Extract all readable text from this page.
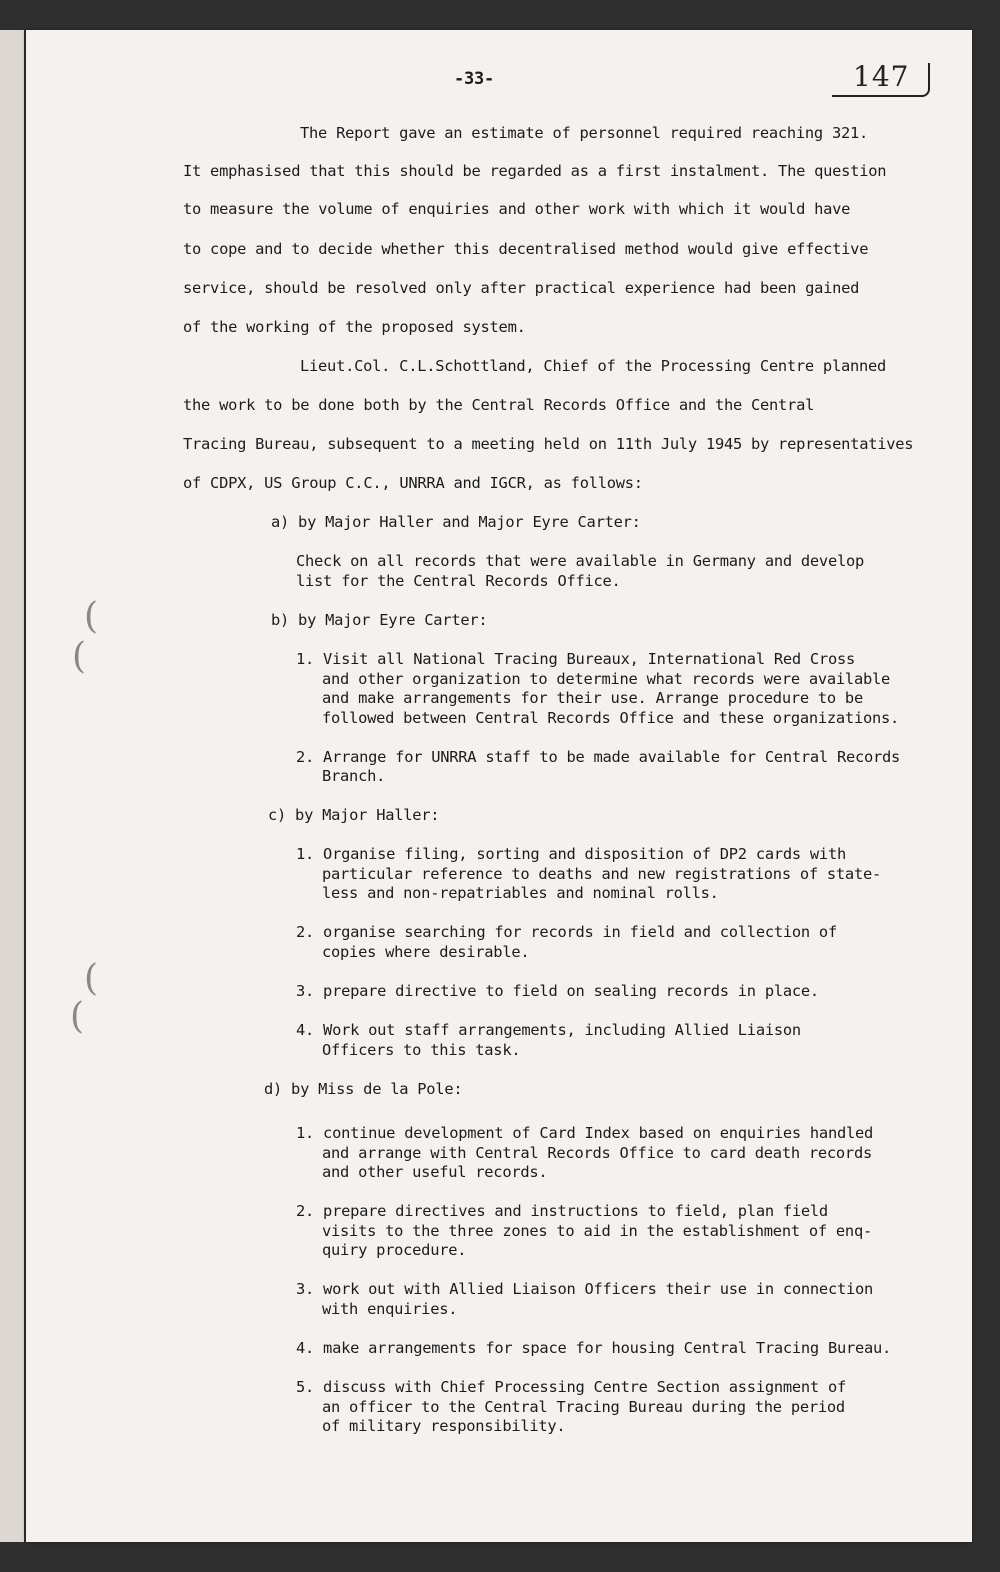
-33-	147
(
(
(
(
The Report gave an estimate of personnel required reaching 321.
It emphasised that this should be regarded as a first instalment. The question
to measure the volume of enquiries and other work with which it would have
to cope and to decide whether this decentralised method would give effective
service, should be resolved only after practical experience had been gained
of the working of the proposed system.
Lieut.Col. C.L.Schottland, Chief of the Processing Centre planned
the work to be done both by the Central Records Office and the Central
Tracing Bureau, subsequent to a meeting held on 11th July 1945 by representatives
of CDPX, US Group C.C., UNRRA and IGCR, as follows:
a) by Major Haller and Major Eyre Carter:
Check on all records that were available in Germany and develop
list for the Central Records Office.
b) by Major Eyre Carter:
1. Visit all National Tracing Bureaux, International Red Cross
and other organization to determine what records were available
and make arrangements for their use. Arrange procedure to be
followed between Central Records Office and these organizations.
2. Arrange for UNRRA staff to be made available for Central Records
Branch.
c) by Major Haller:
1. Organise filing, sorting and disposition of DP2 cards with
particular reference to deaths and new registrations of state-
less and non-repatriables and nominal rolls.
2. organise searching for records in field and collection of
copies where desirable.
3. prepare directive to field on sealing records in place.
4. Work out staff arrangements, including Allied Liaison
Officers to this task.
d) by Miss de la Pole:
1. continue development of Card Index based on enquiries handled
and arrange with Central Records Office to card death records
and other useful records.
2. prepare directives and instructions to field, plan field
visits to the three zones to aid in the establishment of enq-
quiry procedure.
3. work out with Allied Liaison Officers their use in connection
with enquiries.
4. make arrangements for space for housing Central Tracing Bureau.
5. discuss with Chief Processing Centre Section assignment of
an officer to the Central Tracing Bureau during the period
of military responsibility.
